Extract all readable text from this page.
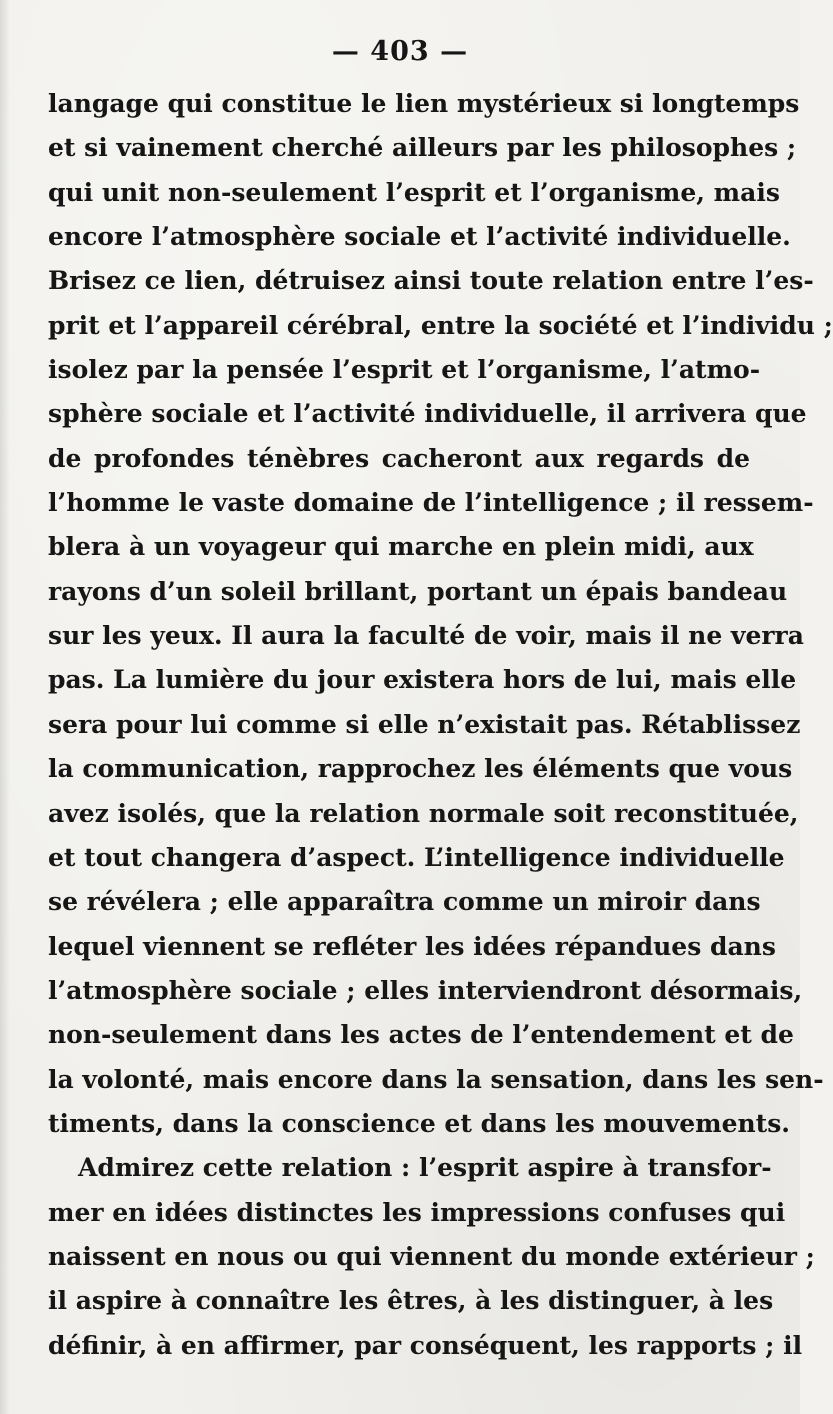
— 403 —
langage qui constitue le lien mystérieux si longtemps
et si vainement cherché ailleurs par les philosophes ;
qui unit non-seulement l’esprit et l’organisme, mais
encore l’atmosphère sociale et l’activité individuelle.
Brisez ce lien, détruisez ainsi toute relation entre l’es-
prit et l’appareil cérébral, entre la société et l’individu ;
isolez par la pensée l’esprit et l’organisme, l’atmo-
sphère sociale et l’activité individuelle, il arrivera que
de profondes ténèbres cacheront aux regards de
l’homme le vaste domaine de l’intelligence ; il ressem-
blera à un voyageur qui marche en plein midi, aux
rayons d’un soleil brillant, portant un épais bandeau
sur les yeux. Il aura la faculté de voir, mais il ne verra
pas. La lumière du jour existera hors de lui, mais elle
sera pour lui comme si elle n’existait pas. Rétablissez
la communication, rapprochez les éléments que vous
avez isolés, que la relation normale soit reconstituée,
et tout changera d’aspect. L’intelligence individuelle
se révélera ; elle apparaîtra comme un miroir dans
lequel viennent se refléter les idées répandues dans
l’atmosphère sociale ; elles interviendront désormais,
non-seulement dans les actes de l’entendement et de
la volonté, mais encore dans la sensation, dans les sen-
timents, dans la conscience et dans les mouvements.
Admirez cette relation : l’esprit aspire à transfor-
mer en idées distinctes les impressions confuses qui
naissent en nous ou qui viennent du monde extérieur ;
il aspire à connaître les êtres, à les distinguer, à les
définir, à en affirmer, par conséquent, les rapports ; il
